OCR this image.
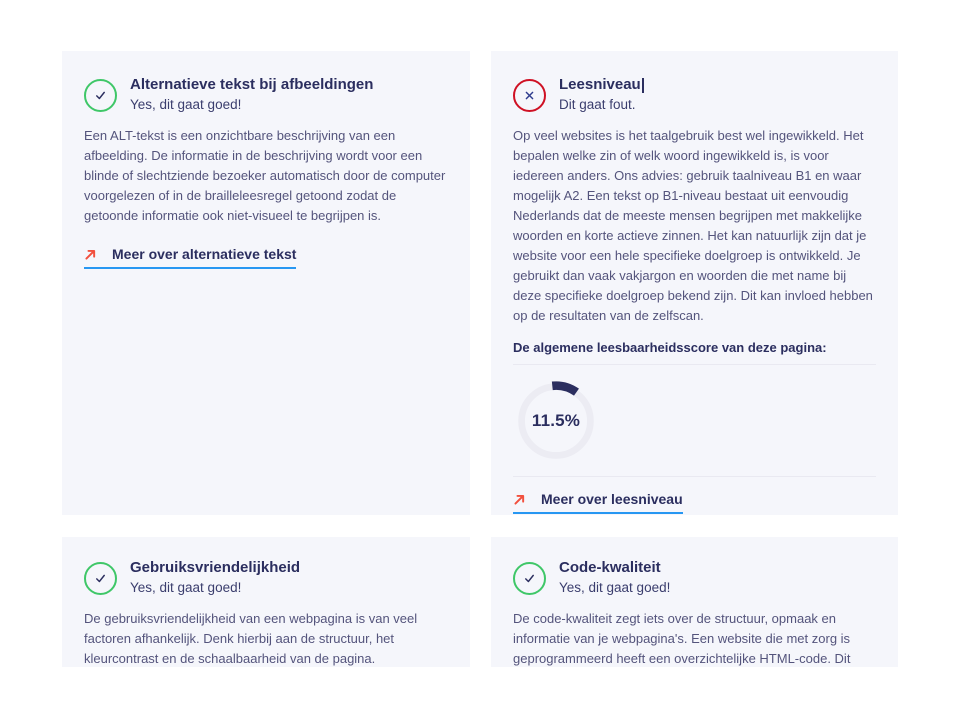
Alternatieve tekst bij afbeeldingen

Yes, dit gaat goed!

Een ALT-tekst is een onzichtbare beschrijving van een afbeelding. De informatie in de beschrijving wordt voor een blinde of slechtziende bezoeker automatisch door de computer voorgelezen of in de brailleleesregel getoond zodat de getoonde informatie ook niet-visueel te begrijpen is.

Meer over alternatieve tekst
Leesniveau

Dit gaat fout.

Op veel websites is het taalgebruik best wel ingewikkeld. Het bepalen welke zin of welk woord ingewikkeld is, is voor iedereen anders. Ons advies: gebruik taalniveau B1 en waar mogelijk A2. Een tekst op B1-niveau bestaat uit eenvoudig Nederlands dat de meeste mensen begrijpen met makkelijke woorden en korte actieve zinnen. Het kan natuurlijk zijn dat je website voor een hele specifieke doelgroep is ontwikkeld. Je gebruikt dan vaak vakjargon en woorden die met name bij deze specifieke doelgroep bekend zijn. Dit kan invloed hebben op de resultaten van de zelfscan.

De algemene leesbaarheidsscore van deze pagina:

11.5%
Meer over leesniveau
Gebruiksvriendelijkheid

Yes, dit gaat goed!

De gebruiksvriendelijkheid van een webpagina is van veel factoren afhankelijk. Denk hierbij aan de structuur, het kleurcontrast en de schaalbaarheid van de pagina.

Code-kwaliteit

Yes, dit gaat goed!

De code-kwaliteit zegt iets over de structuur, opmaak en informatie van je webpagina's. Een website die met zorg is geprogrammeerd heeft een overzichtelijke HTML-code. Dit
